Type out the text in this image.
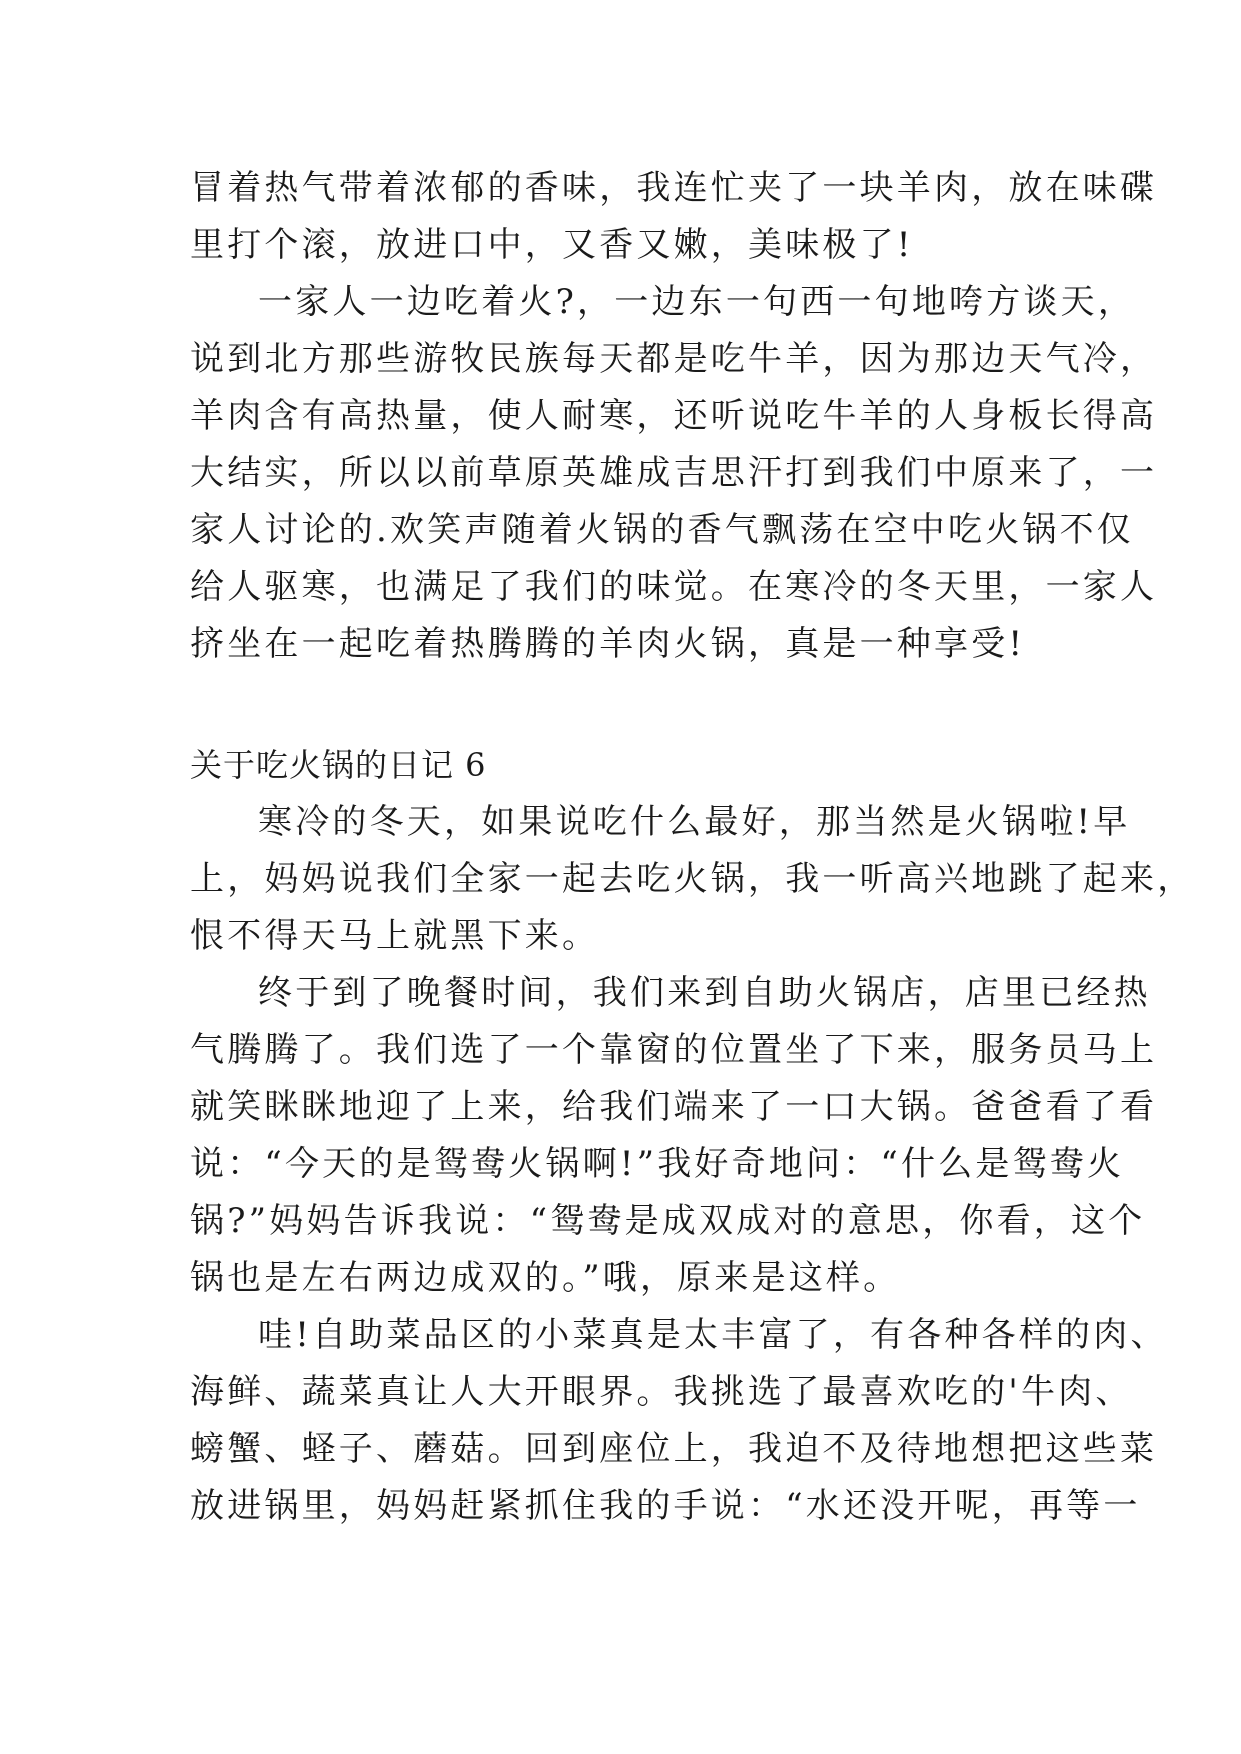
冒着热气带着浓郁的香味，我连忙夹了一块羊肉，放在味碟
里打个滚，放进口中，又香又嫩，美味极了!
一家人一边吃着火?，一边东一句西一句地咵方谈天，
说到北方那些游牧民族每天都是吃牛羊，因为那边天气冷，
羊肉含有高热量，使人耐寒，还听说吃牛羊的人身板长得高
大结实，所以以前草原英雄成吉思汗打到我们中原来了，一
家人讨论的.欢笑声随着火锅的香气飘荡在空中吃火锅不仅
给人驱寒，也满足了我们的味觉。在寒冷的冬天里，一家人
挤坐在一起吃着热腾腾的羊肉火锅，真是一种享受!
关于吃火锅的日记 6
寒冷的冬天，如果说吃什么最好，那当然是火锅啦!早
上，妈妈说我们全家一起去吃火锅，我一听高兴地跳了起来，
恨不得天马上就黑下来。
终于到了晚餐时间，我们来到自助火锅店，店里已经热
气腾腾了。我们选了一个靠窗的位置坐了下来，服务员马上
就笑眯眯地迎了上来，给我们端来了一口大锅。爸爸看了看
说：“今天的是鸳鸯火锅啊!”我好奇地问：“什么是鸳鸯火
锅?”妈妈告诉我说：“鸳鸯是成双成对的意思，你看，这个
锅也是左右两边成双的。”哦，原来是这样。
哇!自助菜品区的小菜真是太丰富了，有各种各样的肉、
海鲜、蔬菜真让人大开眼界。我挑选了最喜欢吃的'牛肉、
螃蟹、蛏子、蘑菇。回到座位上，我迫不及待地想把这些菜
放进锅里，妈妈赶紧抓住我的手说：“水还没开呢，再等一
